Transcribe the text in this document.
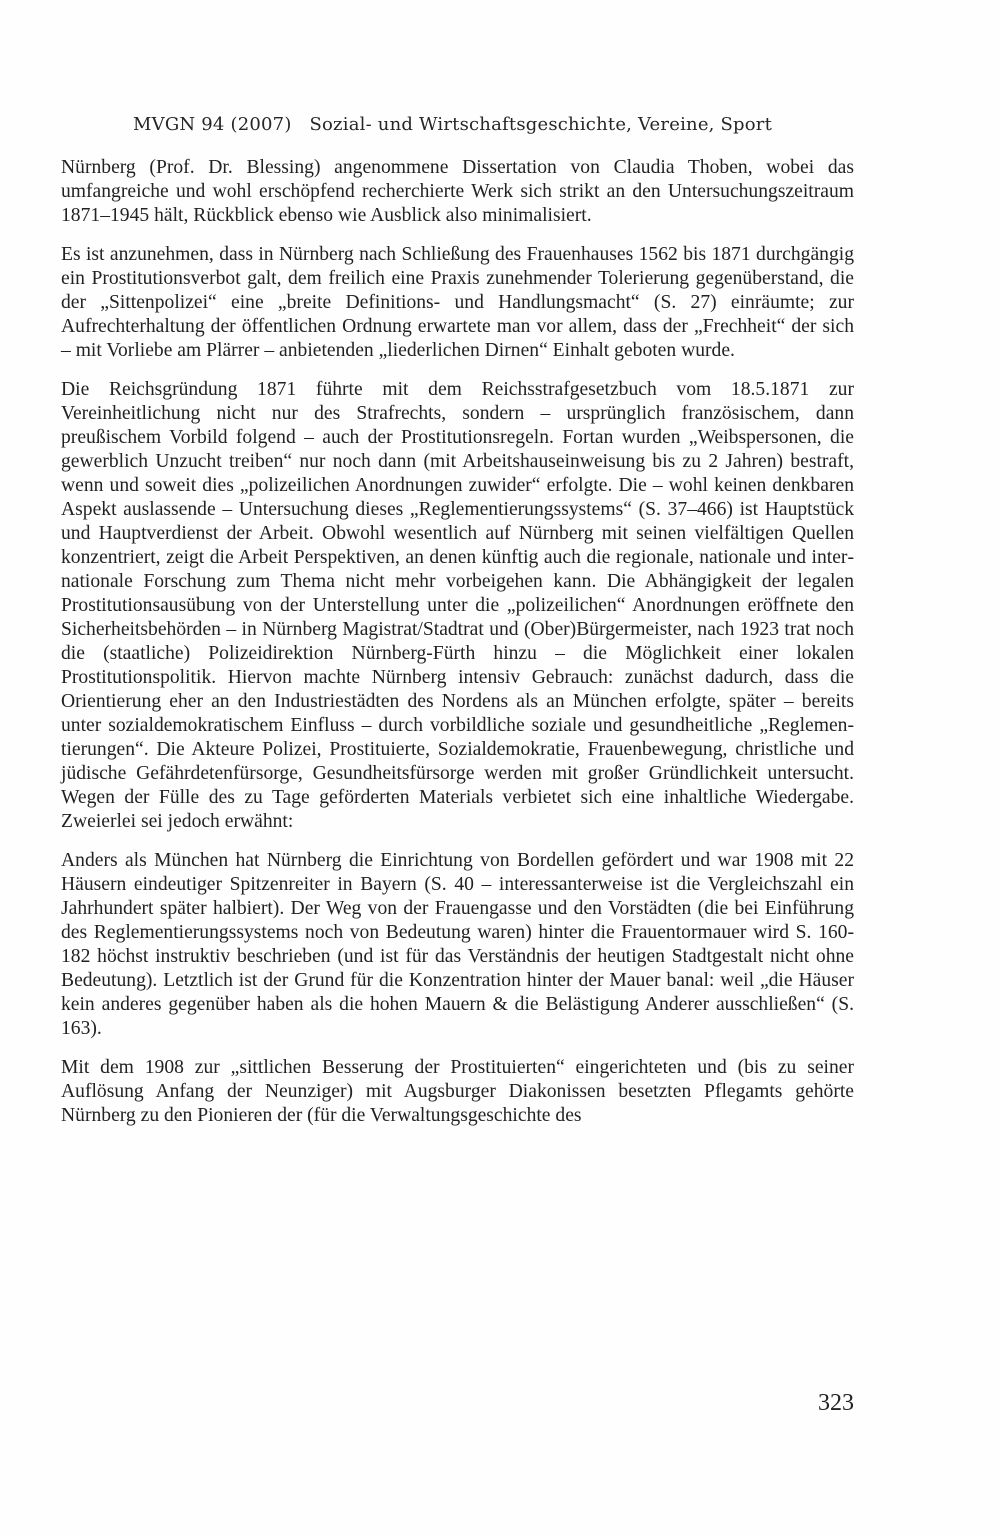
MVGN 94 (2007) Sozial- und Wirtschaftsgeschichte, Vereine, Sport

Nürnberg (Prof. Dr. Blessing) angenommene Dissertation von Claudia Thoben, wobei das umfangreiche und wohl erschöpfend recherchierte Werk sich strikt an den Untersuchungszeitraum 1871–1945 hält, Rückblick ebenso wie Ausblick also minimalisiert.

Es ist anzunehmen, dass in Nürnberg nach Schließung des Frauenhauses 1562 bis 1871 durchgängig ein Prostitutionsverbot galt, dem freilich eine Praxis zunehmender Tolerierung gegenüberstand, die der „Sittenpolizei“ eine „breite Definitions- und Handlungsmacht“ (S. 27) einräumte; zur Aufrechterhaltung der öffentlichen Ordnung erwartete man vor allem, dass der „Frechheit“ der sich – mit Vorliebe am Plärrer – anbietenden „liederlichen Dirnen“ Einhalt geboten wurde.

Die Reichsgründung 1871 führte mit dem Reichsstrafgesetzbuch vom 18.5.1871 zur Vereinheitlichung nicht nur des Strafrechts, sondern – ursprünglich französischem, dann preußischem Vorbild folgend – auch der Prostitutionsregeln. Fortan wurden „Weibspersonen, die gewerblich Unzucht treiben“ nur noch dann (mit Arbeitshauseinweisung bis zu 2 Jahren) bestraft, wenn und soweit dies „polizeilichen Anordnungen zuwider“ erfolgte. Die – wohl keinen denkbaren Aspekt auslassende – Untersuchung dieses „Reglementierungssystems“ (S. 37–466) ist Hauptstück und Hauptverdienst der Arbeit. Obwohl wesentlich auf Nürnberg mit seinen vielfältigen Quellen konzentriert, zeigt die Arbeit Perspektiven, an denen künftig auch die regionale, nationale und internationale Forschung zum Thema nicht mehr vorbeigehen kann. Die Abhängigkeit der legalen Prostitutionsausübung von der Unterstellung unter die „polizeilichen“ Anordnungen eröffnete den Sicherheitsbehörden – in Nürnberg Magistrat/Stadtrat und (Ober)Bürgermeister, nach 1923 trat noch die (staatliche) Polizeidirektion Nürnberg-Fürth hinzu – die Möglichkeit einer lokalen Prostitutionspolitik. Hiervon machte Nürnberg intensiv Gebrauch: zunächst dadurch, dass die Orientierung eher an den Industriestädten des Nordens als an München erfolgte, später – bereits unter sozialdemokratischem Einfluss – durch vorbildliche soziale und gesundheitliche „Reglementierungen“. Die Akteure Polizei, Prostituierte, Sozialdemokratie, Frauenbewegung, christliche und jüdische Gefährdetenfürsorge, Gesundheitsfürsorge werden mit großer Gründlichkeit untersucht. Wegen der Fülle des zu Tage geförderten Materials verbietet sich eine inhaltliche Wiedergabe. Zweierlei sei jedoch erwähnt:

Anders als München hat Nürnberg die Einrichtung von Bordellen gefördert und war 1908 mit 22 Häusern eindeutiger Spitzenreiter in Bayern (S. 40 – interessanterweise ist die Vergleichszahl ein Jahrhundert später halbiert). Der Weg von der Frauengasse und den Vorstädten (die bei Einführung des Reglementierungssystems noch von Bedeutung waren) hinter die Frauentormauer wird S. 160-182 höchst instruktiv beschrieben (und ist für das Verständnis der heutigen Stadtgestalt nicht ohne Bedeutung). Letztlich ist der Grund für die Konzentration hinter der Mauer banal: weil „die Häuser kein anderes gegenüber haben als die hohen Mauern & die Belästigung Anderer ausschließen“ (S. 163).

Mit dem 1908 zur „sittlichen Besserung der Prostituierten“ eingerichteten und (bis zu seiner Auflösung Anfang der Neunziger) mit Augsburger Diakonissen besetzten Pflegamts gehörte Nürnberg zu den Pionieren der (für die Verwaltungsgeschichte des

323
